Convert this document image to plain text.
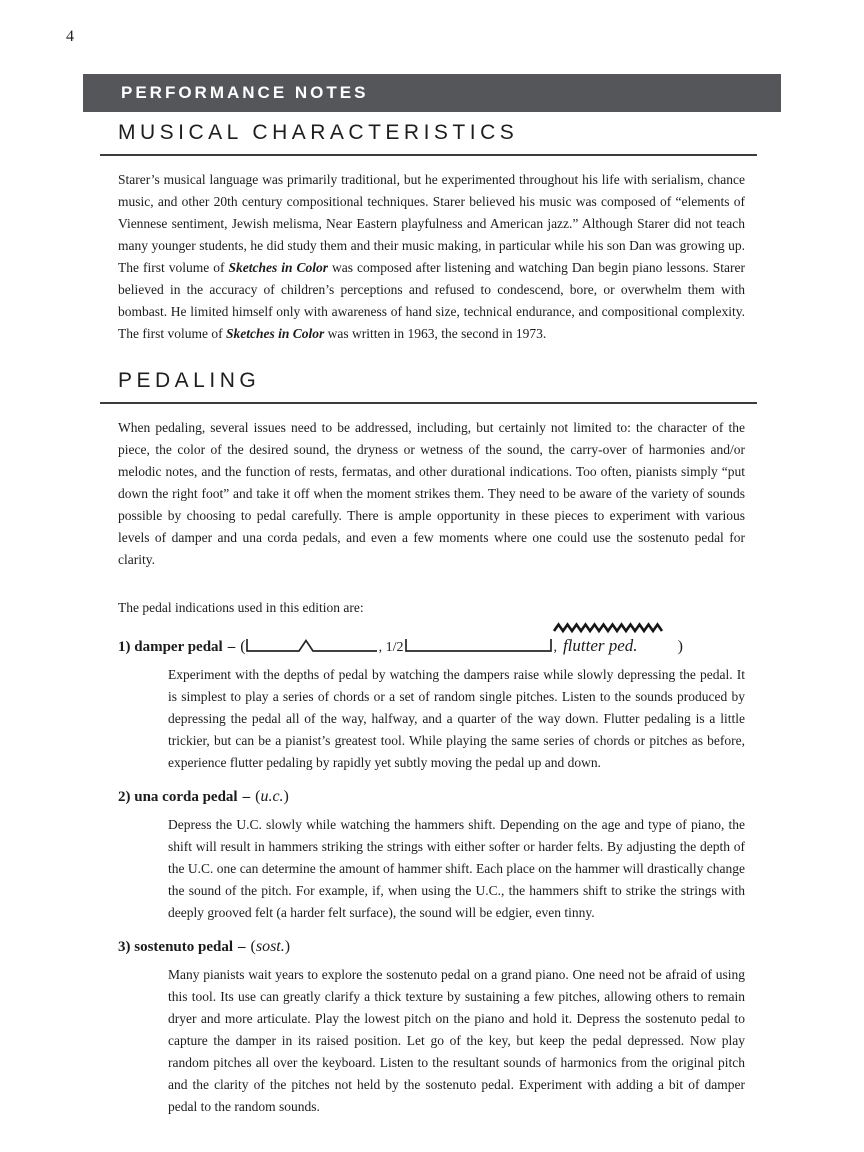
4
PERFORMANCE NOTES
MUSICAL CHARACTERISTICS

Starer’s musical language was primarily traditional, but he experimented throughout his life with serialism, chance music, and other 20th century compositional techniques. Starer believed his music was composed of “elements of Viennese sentiment, Jewish melisma, Near Eastern playfulness and American jazz.” Although Starer did not teach many younger students, he did study them and their music making, in particular while his son Dan was growing up. The first volume of Sketches in Color was composed after listening and watching Dan begin piano lessons. Starer believed in the accuracy of children’s perceptions and refused to condescend, bore, or overwhelm them with bombast. He limited himself only with awareness of hand size, technical endurance, and compositional complexity. The first volume of Sketches in Color was written in 1963, the second in 1973.

PEDALING

When pedaling, several issues need to be addressed, including, but certainly not limited to: the character of the piece, the color of the desired sound, the dryness or wetness of the sound, the carry-over of harmonies and/or melodic notes, and the function of rests, fermatas, and other durational indications. Too often, pianists simply “put down the right foot” and take it off when the moment strikes them. They need to be aware of the variety of sounds possible by choosing to pedal carefully. There is ample opportunity in these pieces to experiment with various levels of damper and una corda pedals, and even a few moments where one could use the sostenuto pedal for clarity.

The pedal indications used in this edition are:

1) damper pedal – (	, 1/2	, flutter ped.	)

Experiment with the depths of pedal by watching the dampers raise while slowly depressing the pedal. It is simplest to play a series of chords or a set of random single pitches. Listen to the sounds produced by depressing the pedal all of the way, halfway, and a quarter of the way down. Flutter pedaling is a little trickier, but can be a pianist’s greatest tool. While playing the same series of chords or pitches as before, experience flutter pedaling by rapidly yet subtly moving the pedal up and down.

2) una corda pedal – (u.c.)

Depress the U.C. slowly while watching the hammers shift. Depending on the age and type of piano, the shift will result in hammers striking the strings with either softer or harder felts. By adjusting the depth of the U.C. one can determine the amount of hammer shift. Each place on the hammer will drastically change the sound of the pitch. For example, if, when using the U.C., the hammers shift to strike the strings with deeply grooved felt (a harder felt surface), the sound will be edgier, even tinny.

3) sostenuto pedal – (sost.)

Many pianists wait years to explore the sostenuto pedal on a grand piano. One need not be afraid of using this tool. Its use can greatly clarify a thick texture by sustaining a few pitches, allowing others to remain dryer and more articulate. Play the lowest pitch on the piano and hold it. Depress the sostenuto pedal to capture the damper in its raised position. Let go of the key, but keep the pedal depressed. Now play random pitches all over the keyboard. Listen to the resultant sounds of harmonics from the original pitch and the clarity of the pitches not held by the sostenuto pedal. Experiment with adding a bit of damper pedal to the random sounds.
